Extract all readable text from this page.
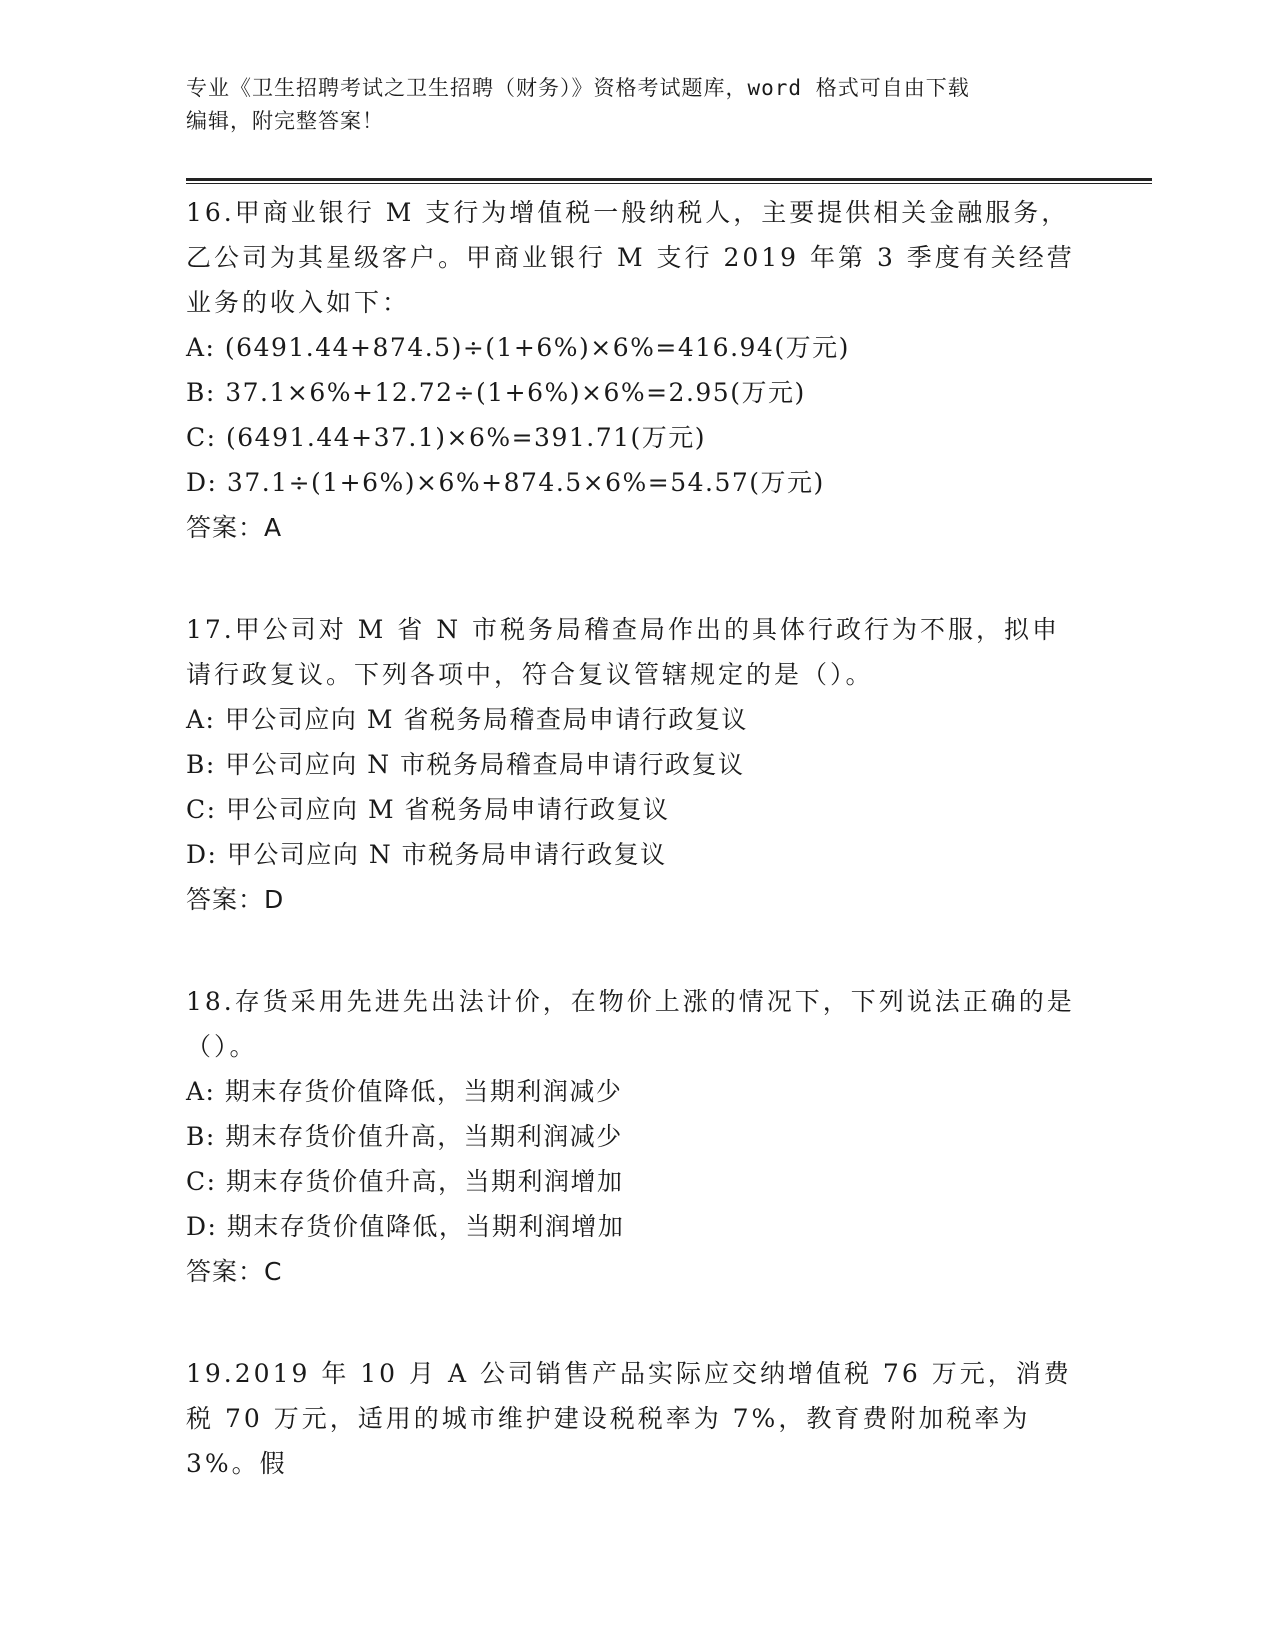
专业《卫生招聘考试之卫生招聘（财务）》资格考试题库，word 格式可自由下载
编辑，附完整答案！
16.甲商业银行 M 支行为增值税一般纳税人，主要提供相关金融服务，乙公司为其星级客户。甲商业银行 M 支行 2019 年第 3 季度有关经营业务的收入如下：
A: (6491.44+874.5)÷(1+6%)×6%=416.94(万元)
B: 37.1×6%+12.72÷(1+6%)×6%=2.95(万元)
C: (6491.44+37.1)×6%=391.71(万元)
D: 37.1÷(1+6%)×6%+874.5×6%=54.57(万元)
答案：A
17.甲公司对 M 省 N 市税务局稽查局作出的具体行政行为不服，拟申请行政复议。下列各项中，符合复议管辖规定的是（）。
A: 甲公司应向 M 省税务局稽查局申请行政复议
B: 甲公司应向 N 市税务局稽查局申请行政复议
C: 甲公司应向 M 省税务局申请行政复议
D: 甲公司应向 N 市税务局申请行政复议
答案：D
18.存货采用先进先出法计价，在物价上涨的情况下，下列说法正确的是（）。
A: 期末存货价值降低，当期利润减少
B: 期末存货价值升高，当期利润减少
C: 期末存货价值升高，当期利润增加
D: 期末存货价值降低，当期利润增加
答案：C
19.2019 年 10 月 A 公司销售产品实际应交纳增值税 76 万元，消费税 70 万元，适用的城市维护建设税税率为 7%，教育费附加税率为 3%。假
